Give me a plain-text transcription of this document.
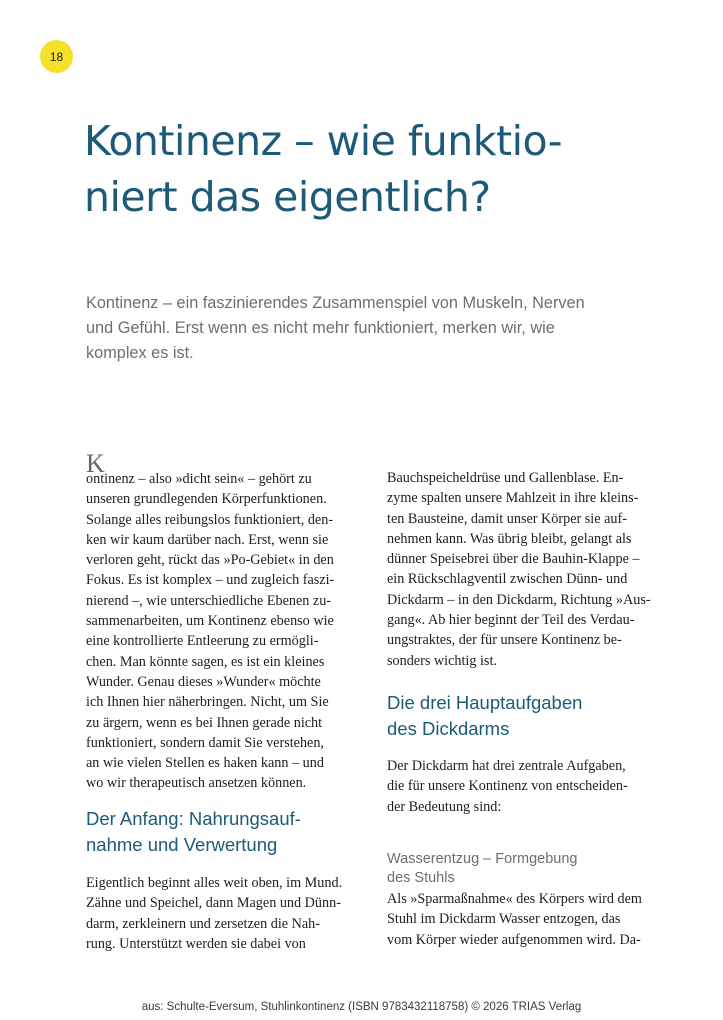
18
Kontinenz – wie funktio-
niert das eigentlich?
Kontinenz – ein faszinierendes Zusammenspiel von Muskeln, Nerven
und Gefühl. Erst wenn es nicht mehr funktioniert, merken wir, wie
komplex es ist.
K
ontinenz – also »dicht sein« – gehört zu
unseren grundlegenden Körperfunktionen.
Solange alles reibungslos funktioniert, den-
ken wir kaum darüber nach. Erst, wenn sie
verloren geht, rückt das »Po-Gebiet« in den
Fokus. Es ist komplex – und zugleich faszi-
nierend –, wie unterschiedliche Ebenen zu-
sammenarbeiten, um Kontinenz ebenso wie
eine kontrollierte Entleerung zu ermögli-
chen. Man könnte sagen, es ist ein kleines
Wunder. Genau dieses »Wunder« möchte
ich Ihnen hier näherbringen. Nicht, um Sie
zu ärgern, wenn es bei Ihnen gerade nicht
funktioniert, sondern damit Sie verstehen,
an wie vielen Stellen es haken kann – und
wo wir therapeutisch ansetzen können.
Der Anfang: Nahrungsauf-
nahme und Verwertung
Eigentlich beginnt alles weit oben, im Mund.
Zähne und Speichel, dann Magen und Dünn-
darm, zerkleinern und zersetzen die Nah-
rung. Unterstützt werden sie dabei von
Bauchspeicheldrüse und Gallenblase. En-
zyme spalten unsere Mahlzeit in ihre kleins-
ten Bausteine, damit unser Körper sie auf-
nehmen kann. Was übrig bleibt, gelangt als
dünner Speisebrei über die Bauhin-Klappe –
ein Rückschlagventil zwischen Dünn- und
Dickdarm – in den Dickdarm, Richtung »Aus-
gang«. Ab hier beginnt der Teil des Verdau-
ungstraktes, der für unsere Kontinenz be-
sonders wichtig ist.
Die drei Hauptaufgaben
des Dickdarms
Der Dickdarm hat drei zentrale Aufgaben,
die für unsere Kontinenz von entscheiden-
der Bedeutung sind:
Wasserentzug – Formgebung
des Stuhls
Als »Sparmaßnahme« des Körpers wird dem
Stuhl im Dickdarm Wasser entzogen, das
vom Körper wieder aufgenommen wird. Da-
aus: Schulte-Eversum, Stuhlinkontinenz (ISBN 9783432118758) © 2026 TRIAS Verlag
